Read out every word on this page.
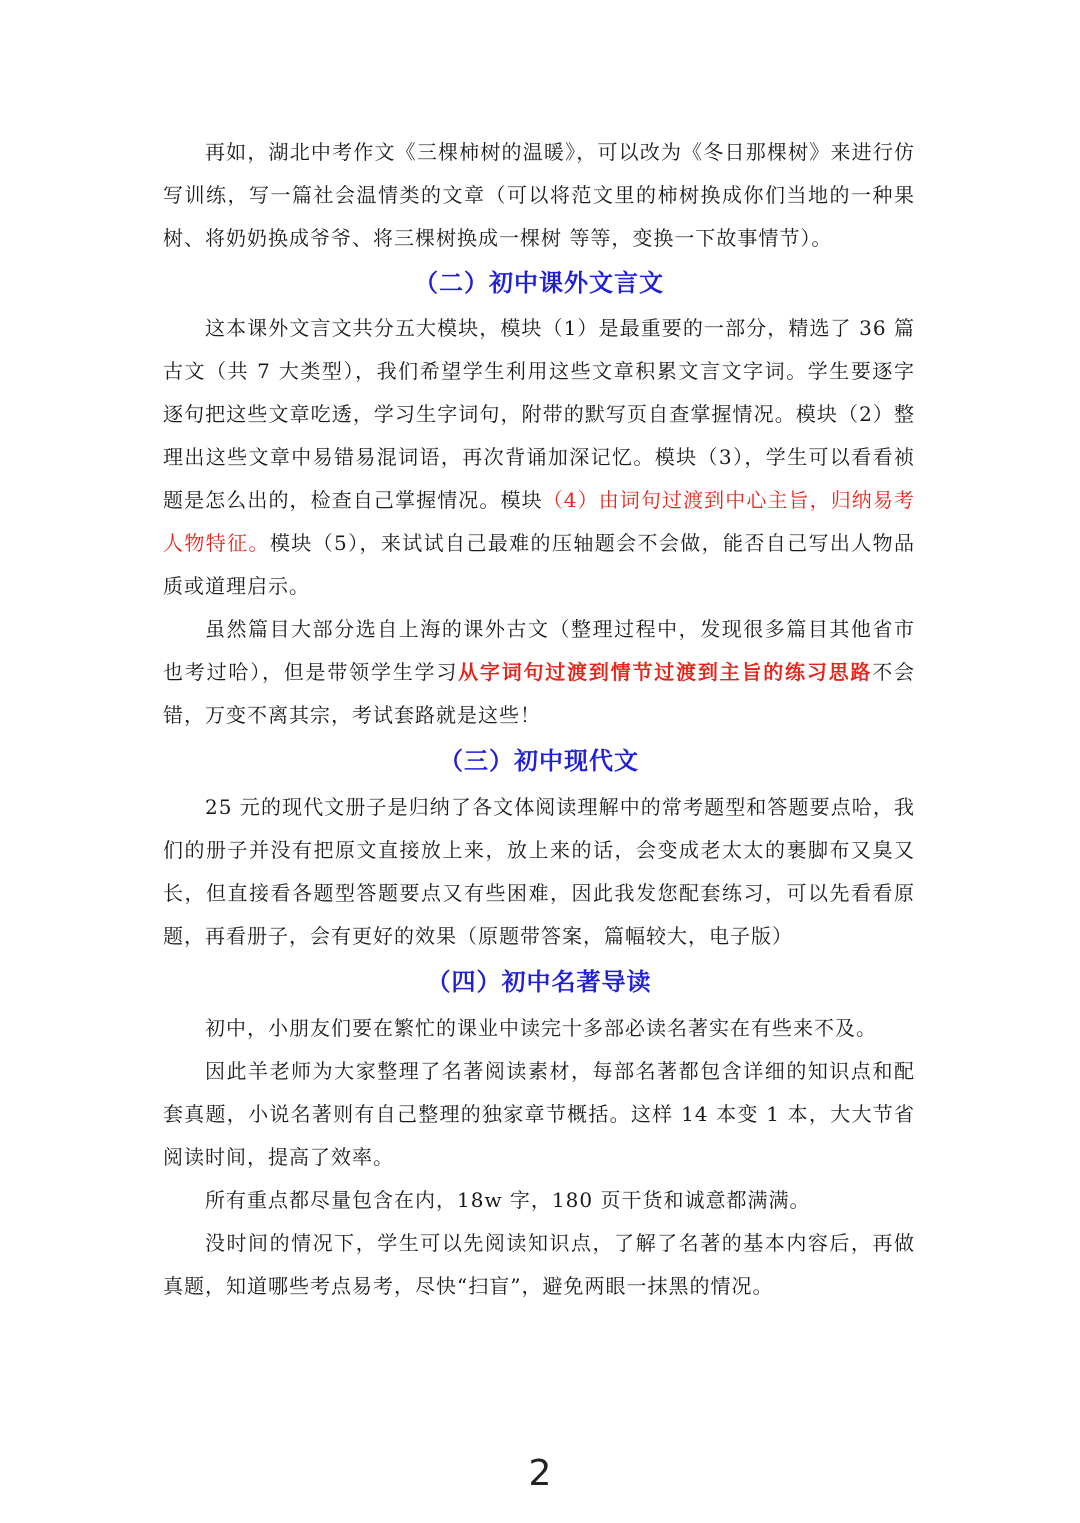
再如，湖北中考作文《三棵柿树的温暖》，可以改为《冬日那棵树》来进行仿写训练，写一篇社会温情类的文章（可以将范文里的柿树换成你们当地的一种果树、将奶奶换成爷爷、将三棵树换成一棵树 等等，变换一下故事情节）。

（二）初中课外文言文

这本课外文言文共分五大模块，模块（1）是最重要的一部分，精选了 36 篇古文（共 7 大类型），我们希望学生利用这些文章积累文言文字词。学生要逐字逐句把这些文章吃透，学习生字词句，附带的默写页自查掌握情况。模块（2）整理出这些文章中易错易混词语，再次背诵加深记忆。模块（3），学生可以看看祯题是怎么出的，检查自己掌握情况。模块（4）由词句过渡到中心主旨，归纳易考人物特征。模块（5），来试试自己最难的压轴题会不会做，能否自己写出人物品质或道理启示。

虽然篇目大部分选自上海的课外古文（整理过程中，发现很多篇目其他省市也考过哈），但是带领学生学习从字词句过渡到情节过渡到主旨的练习思路不会错，万变不离其宗，考试套路就是这些！

（三）初中现代文

25 元的现代文册子是归纳了各文体阅读理解中的常考题型和答题要点哈，我们的册子并没有把原文直接放上来，放上来的话，会变成老太太的裹脚布又臭又长，但直接看各题型答题要点又有些困难，因此我发您配套练习，可以先看看原题，再看册子，会有更好的效果（原题带答案，篇幅较大，电子版）

（四）初中名著导读

初中，小朋友们要在繁忙的课业中读完十多部必读名著实在有些来不及。

因此羊老师为大家整理了名著阅读素材，每部名著都包含详细的知识点和配套真题，小说名著则有自己整理的独家章节概括。这样 14 本变 1 本，大大节省阅读时间，提高了效率。

所有重点都尽量包含在内，18w 字，180 页干货和诚意都满满。

没时间的情况下，学生可以先阅读知识点，了解了名著的基本内容后，再做真题，知道哪些考点易考，尽快“扫盲”，避免两眼一抹黑的情况。

2
